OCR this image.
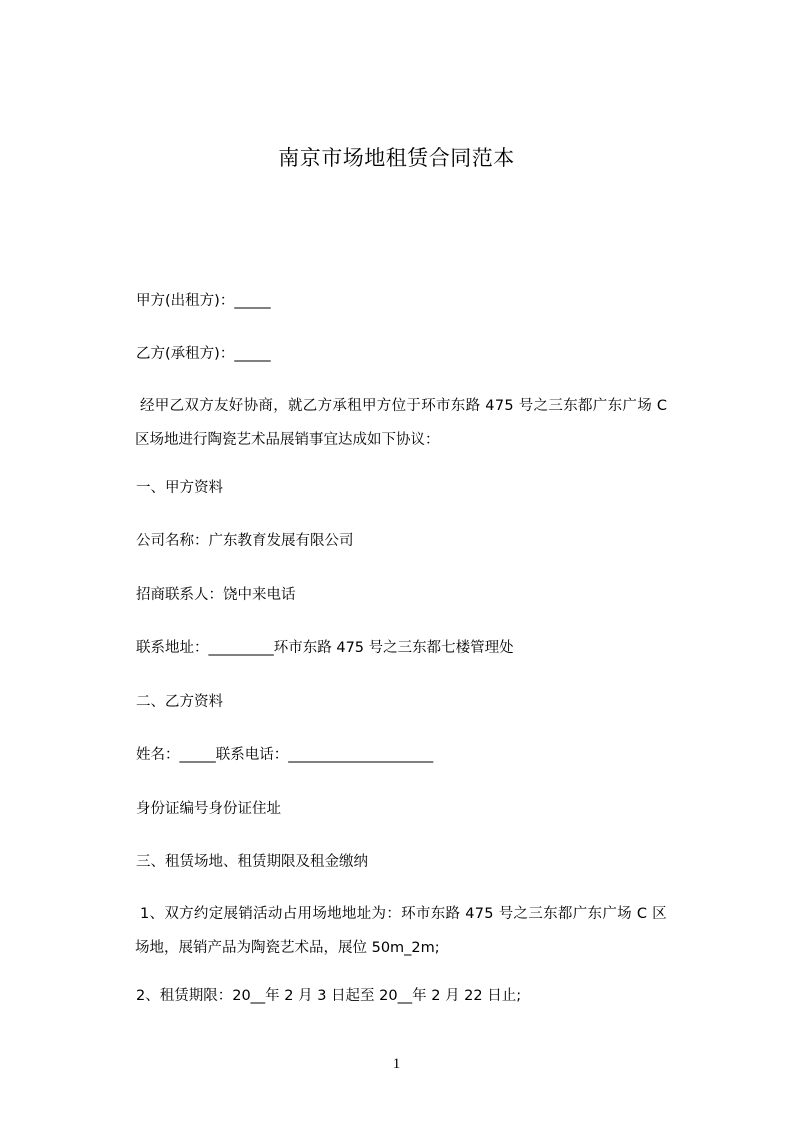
南京市场地租赁合同范本
甲方(出租方)：_____
乙方(承租方)：_____
经甲乙双方友好协商，就乙方承租甲方位于环市东路 475 号之三东都广东广场 C
区场地进行陶瓷艺术品展销事宜达成如下协议：
一、甲方资料
公司名称：广东教育发展有限公司
招商联系人：饶中来电话
联系地址：_________环市东路 475 号之三东都七楼管理处
二、乙方资料
姓名：_____联系电话：____________________
身份证编号身份证住址
三、租赁场地、租赁期限及租金缴纳
1、双方约定展销活动占用场地地址为：环市东路 475 号之三东都广东广场 C 区
场地，展销产品为陶瓷艺术品，展位 50m_2m;
2、租赁期限：20__年 2 月 3 日起至 20__年 2 月 22 日止;
1
